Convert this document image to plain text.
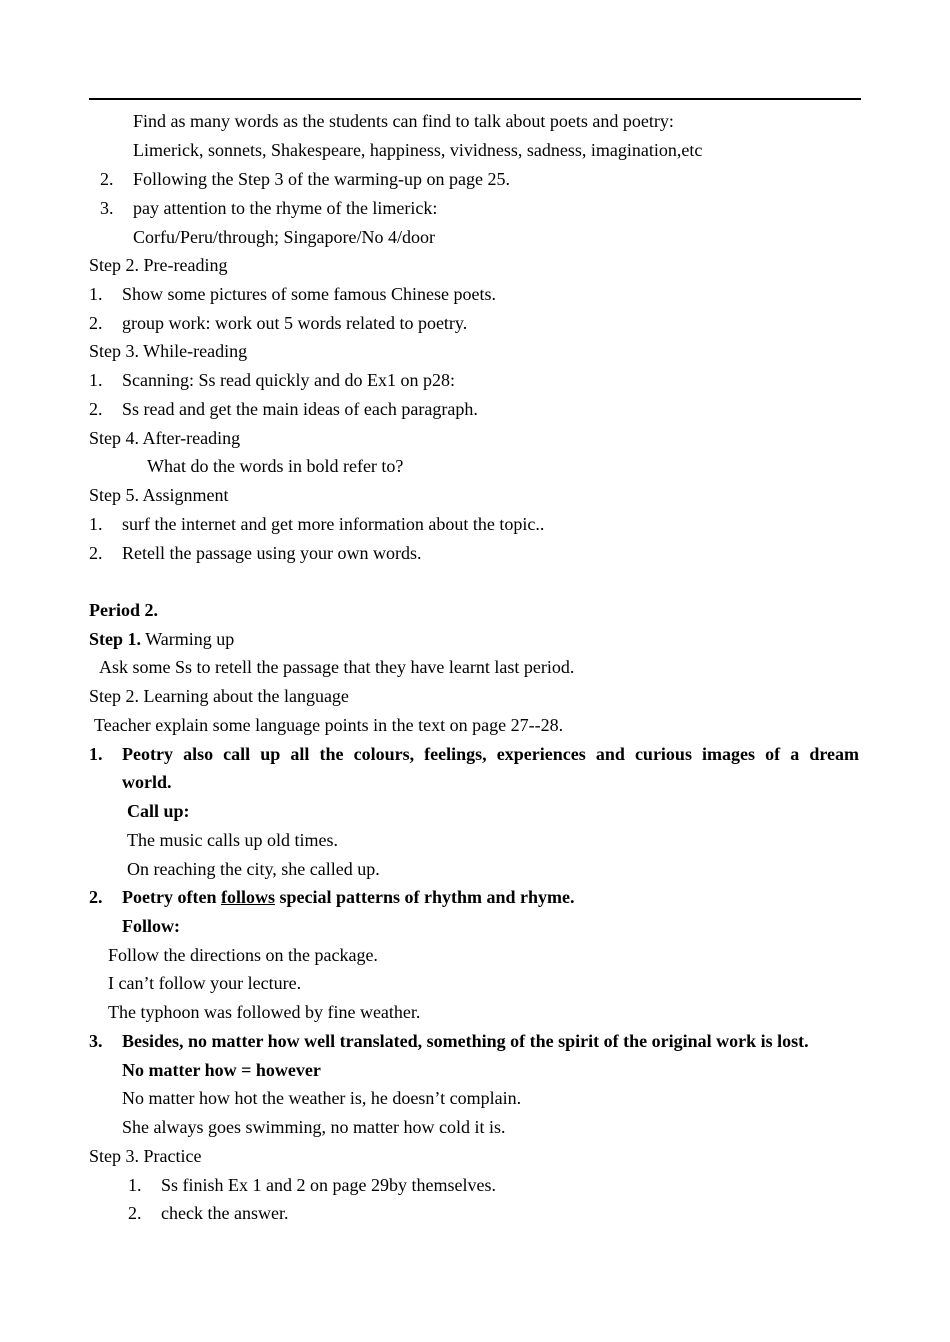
Find as many words as the students can find to talk about poets and poetry:
Limerick, sonnets, Shakespeare, happiness, vividness, sadness, imagination,etc
2. Following the Step 3 of the warming-up on page 25.
3. pay attention to the rhyme of the limerick:
Corfu/Peru/through; Singapore/No 4/door
Step 2. Pre-reading
1. Show some pictures of some famous Chinese poets.
2. group work: work out 5 words related to poetry.
Step 3. While-reading
1. Scanning: Ss read quickly and do Ex1 on p28:
2. Ss read and get the main ideas of each paragraph.
Step 4. After-reading
What do the words in bold refer to?
Step 5. Assignment
1. surf the internet and get more information about the topic..
2. Retell the passage using your own words.
Period 2.
Step 1. Warming up
Ask some Ss to retell the passage that they have learnt last period.
Step 2. Learning about the language
Teacher explain some language points in the text on page 27--28.
1. Peotry also call up all the colours, feelings, experiences and curious images of a dream
world.
Call up:
The music calls up old times.
On reaching the city, she called up.
2. Poetry often follows special patterns of rhythm and rhyme.
Follow:
Follow the directions on the package.
I can’t follow your lecture.
The typhoon was followed by fine weather.
3. Besides, no matter how well translated, something of the spirit of the original work is lost.
No matter how = however
No matter how hot the weather is, he doesn’t complain.
She always goes swimming, no matter how cold it is.
Step 3. Practice
1. Ss finish Ex 1 and 2 on page 29by themselves.
2. check the answer.
